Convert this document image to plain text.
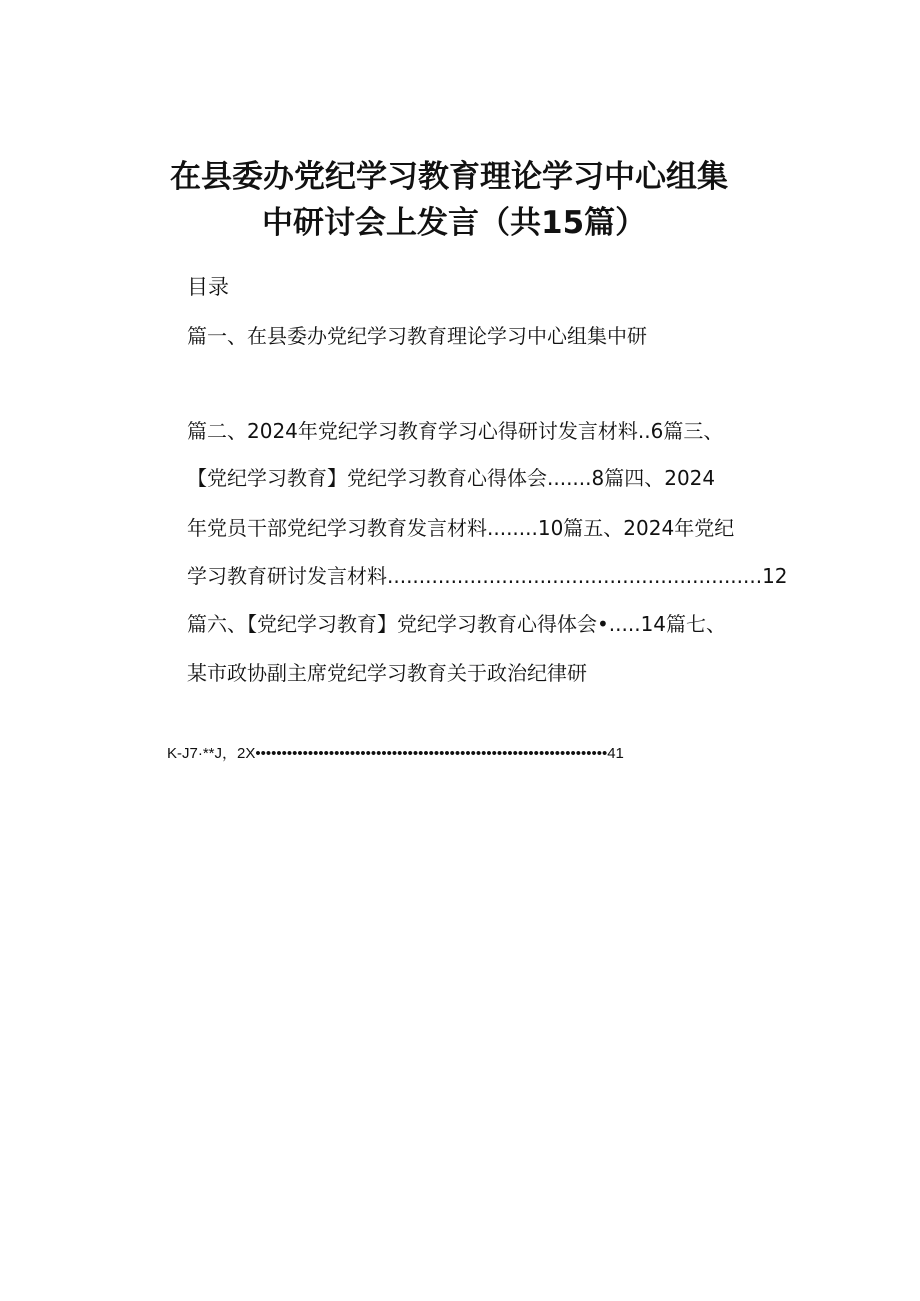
在县委办党纪学习教育理论学习中心组集
中研讨会上发言（共15篇）
目录
篇一、在县委办党纪学习教育理论学习中心组集中研
篇二、2024年党纪学习教育学习心得研讨发言材料..6篇三、
【党纪学习教育】党纪学习教育心得体会.......8篇四、2024
年党员干部党纪学习教育发言材料........10篇五、2024年党纪
学习教育研讨发言材料...........................................................12
篇六、【党纪学习教育】党纪学习教育心得体会•.....14篇七、
某市政协副主席党纪学习教育关于政治纪律研
K-J7·**J，2X•••••••••••••••••••••••••••••••••••••••••••••••••••••••••••••••••••41
